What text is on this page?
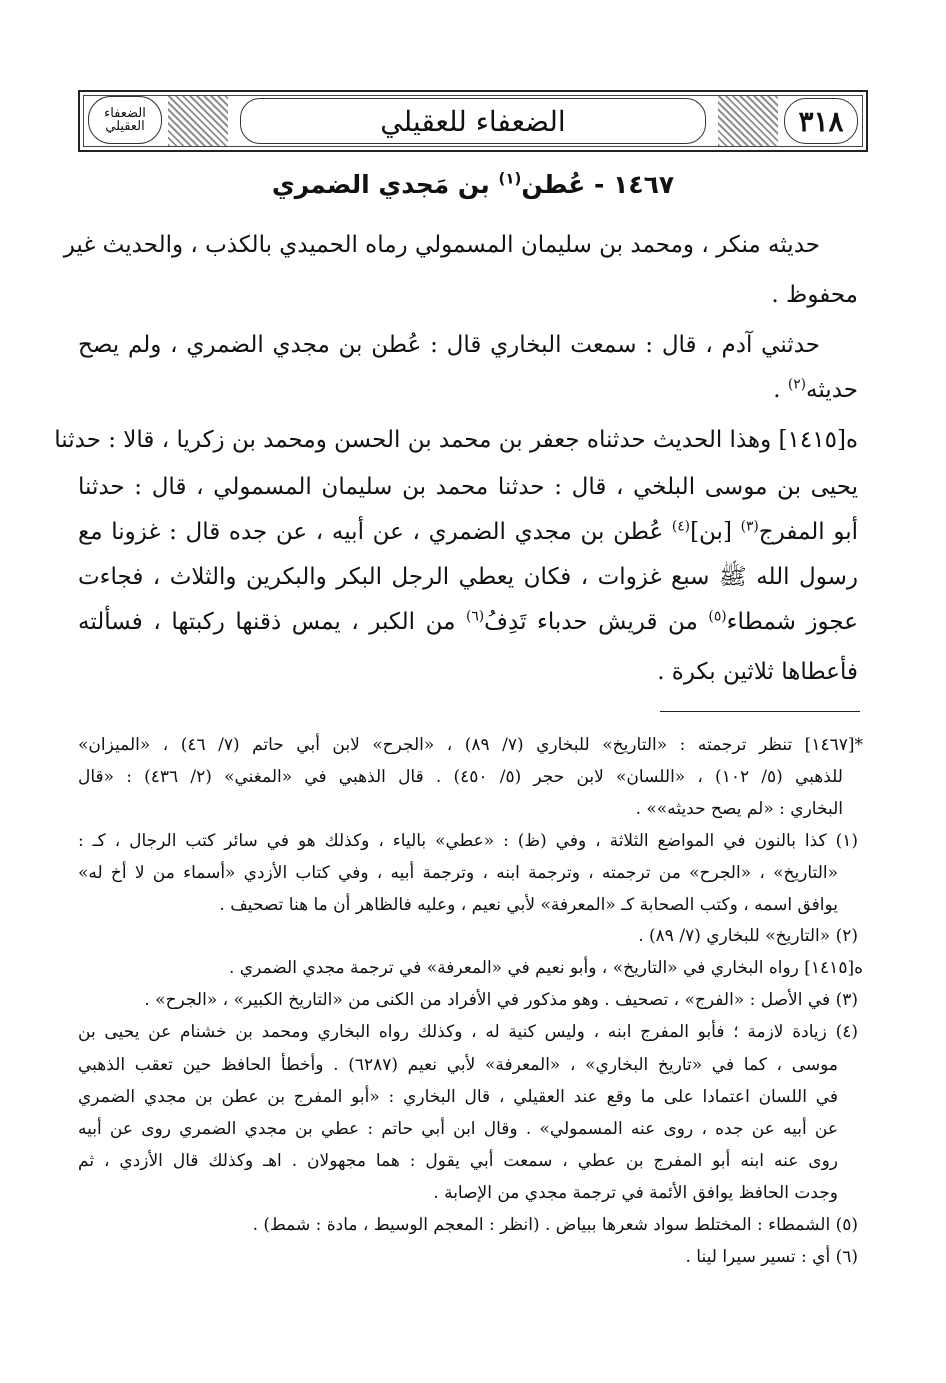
٣١٨
الضعفاء العقيلي	الضعفاء للعقيلي
١٤٦٧ - عُطن$^{(١)}$ بن مَجدي الضمري
حديثه منكر ، ومحمد بن سليمان المسمولي رماه الحميدي بالكذب ، والحديث غير
محفوظ .
حدثني آدم ، قال : سمعت البخاري قال : عُطن بن مجدي الضمري ، ولم يصح
حديثه$^{(٢)}$ .
ه[١٤١٥] وهذا الحديث حدثناه جعفر بن محمد بن الحسن ومحمد بن زكريا ، قالا : حدثنا
يحيى بن موسى البلخي ، قال : حدثنا محمد بن سليمان المسمولي ، قال : حدثنا
أبو المفرج$^{(٣)}$ [بن]$^{(٤)}$ عُطن بن مجدي الضمري ، عن أبيه ، عن جده قال : غزونا مع
رسول الله ﷺ سبع غزوات ، فكان يعطي الرجل البكر والبكرين والثلاث ، فجاءت
عجوز شمطاء$^{(٥)}$ من قريش حدباء تَدِفُ$^{(٦)}$ من الكبر ، يمس ذقنها ركبتها ، فسألته
فأعطاها ثلاثين بكرة .
*[١٤٦٧] تنظر ترجمته : «التاريخ» للبخاري (٧/ ٨٩) ، «الجرح» لابن أبي حاتم (٧/ ٤٦) ، «الميزان»
للذهبي (٥/ ١٠٢) ، «اللسان» لابن حجر (٥/ ٤٥٠) . قال الذهبي في «المغني» (٢/ ٤٣٦) : «قال
البخاري : «لم يصح حديثه»» .
(١) كذا بالنون في المواضع الثلاثة ، وفي (ظ) : «عطي» بالياء ، وكذلك هو في سائر كتب الرجال ، كـ :
«التاريخ» ، «الجرح» من ترجمته ، وترجمة ابنه ، وترجمة أبيه ، وفي كتاب الأزدي «أسماء من لا أخ له»
يوافق اسمه ، وكتب الصحابة كـ «المعرفة» لأبي نعيم ، وعليه فالظاهر أن ما هنا تصحيف .
(٢) «التاريخ» للبخاري (٧/ ٨٩) .
ه[١٤١٥] رواه البخاري في «التاريخ» ، وأبو نعيم في «المعرفة» في ترجمة مجدي الضمري .
(٣) في الأصل : «الفرج» ، تصحيف . وهو مذكور في الأفراد من الكنى من «التاريخ الكبير» ، «الجرح» .
(٤) زيادة لازمة ؛ فأبو المفرج ابنه ، وليس كنية له ، وكذلك رواه البخاري ومحمد بن خشنام عن يحيى بن
موسى ، كما في «تاريخ البخاري» ، «المعرفة» لأبي نعيم (٦٢٨٧) . وأخطأ الحافظ حين تعقب الذهبي
في اللسان اعتمادا على ما وقع عند العقيلي ، قال البخاري : «أبو المفرج بن عطن بن مجدي الضمري
عن أبيه عن جده ، روى عنه المسمولي» . وقال ابن أبي حاتم : عطي بن مجدي الضمري روى عن أبيه
روى عنه ابنه أبو المفرج بن عطي ، سمعت أبي يقول : هما مجهولان . اهـ وكذلك قال الأزدي ، ثم
وجدت الحافظ يوافق الأئمة في ترجمة مجدي من الإصابة .
(٥) الشمطاء : المختلط سواد شعرها ببياض . (انظر : المعجم الوسيط ، مادة : شمط) .
(٦) أي : تسير سيرا لينا .
